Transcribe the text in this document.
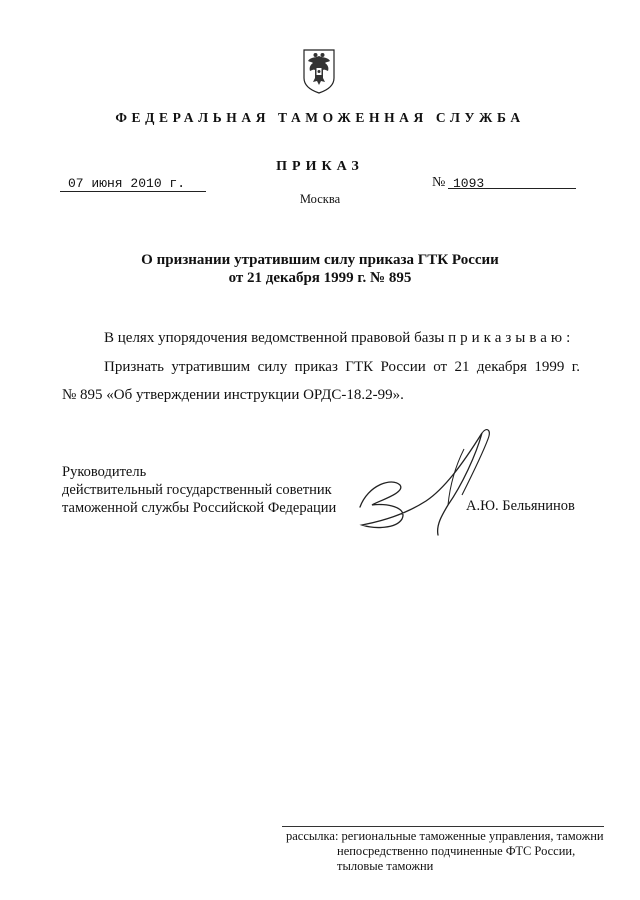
ФЕДЕРАЛЬНАЯ ТАМОЖЕННАЯ СЛУЖБА
ПРИКАЗ
07 июня 2010 г.	№ 1093
Москва
О признании утратившим силу приказа ГТК России
от 21 декабря 1999 г. № 895
В целях упорядочения ведомственной правовой базы приказываю:
Признать утратившим силу приказ ГТК России от 21 декабря 1999 г.
№ 895 «Об утверждении инструкции ОРДС-18.2-99».
Руководитель
действительный государственный советник
таможенной службы Российской Федерации	А.Ю. Бельянинов
рассылка: региональные таможенные управления, таможни
непосредственно подчиненные ФТС России,
тыловые таможни
